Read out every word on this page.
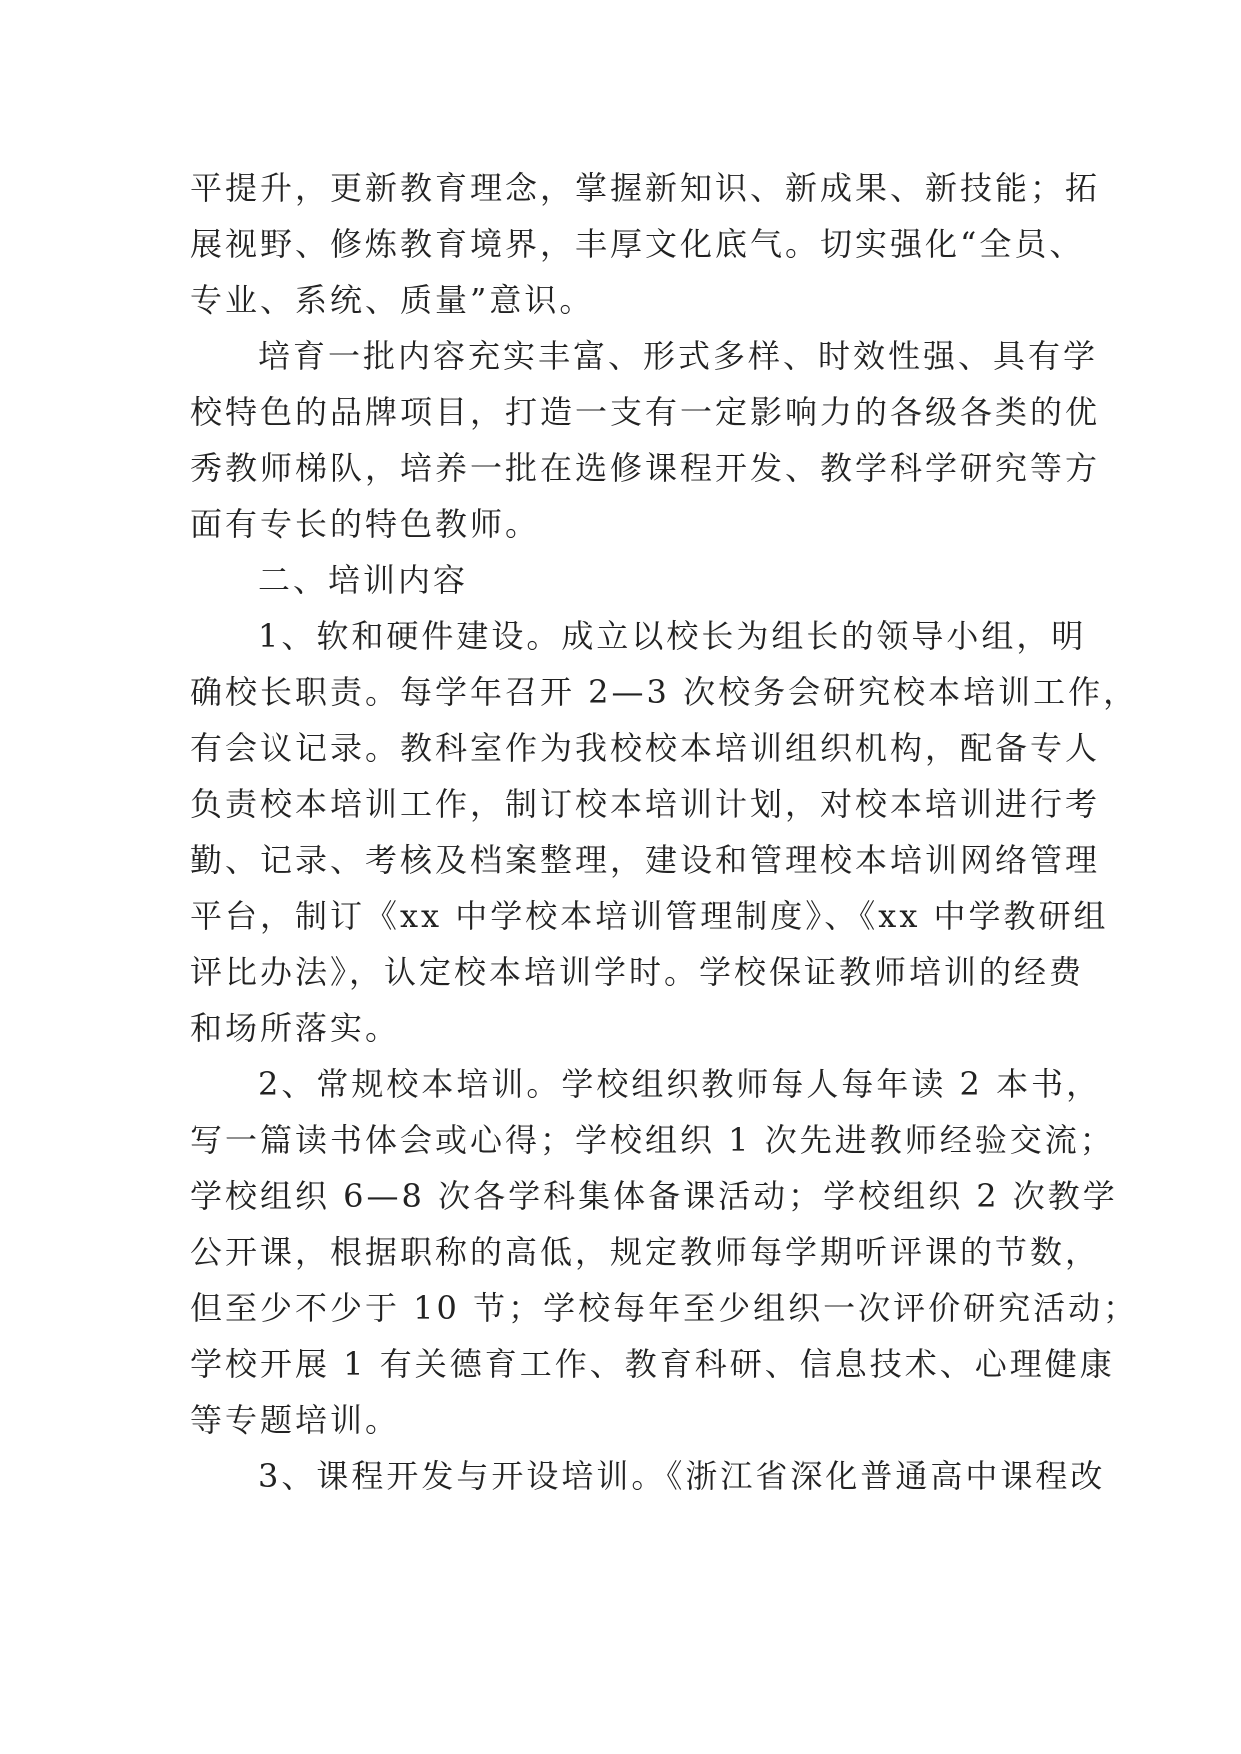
平提升，更新教育理念，掌握新知识、新成果、新技能；拓
展视野、修炼教育境界，丰厚文化底气。切实强化“全员、
专业、系统、质量”意识。
培育一批内容充实丰富、形式多样、时效性强、具有学
校特色的品牌项目，打造一支有一定影响力的各级各类的优
秀教师梯队，培养一批在选修课程开发、教学科学研究等方
面有专长的特色教师。
二、培训内容
1、软和硬件建设。成立以校长为组长的领导小组，明
确校长职责。每学年召开 2—3 次校务会研究校本培训工作，
有会议记录。教科室作为我校校本培训组织机构，配备专人
负责校本培训工作，制订校本培训计划，对校本培训进行考
勤、记录、考核及档案整理，建设和管理校本培训网络管理
平台，制订《xx 中学校本培训管理制度》、《xx 中学教研组
评比办法》，认定校本培训学时。学校保证教师培训的经费
和场所落实。
2、常规校本培训。学校组织教师每人每年读 2 本书，
写一篇读书体会或心得；学校组织 1 次先进教师经验交流；
学校组织 6—8 次各学科集体备课活动；学校组织 2 次教学
公开课，根据职称的高低，规定教师每学期听评课的节数，
但至少不少于 10 节；学校每年至少组织一次评价研究活动；
学校开展 1 有关德育工作、教育科研、信息技术、心理健康
等专题培训。
3、课程开发与开设培训。《浙江省深化普通高中课程改
